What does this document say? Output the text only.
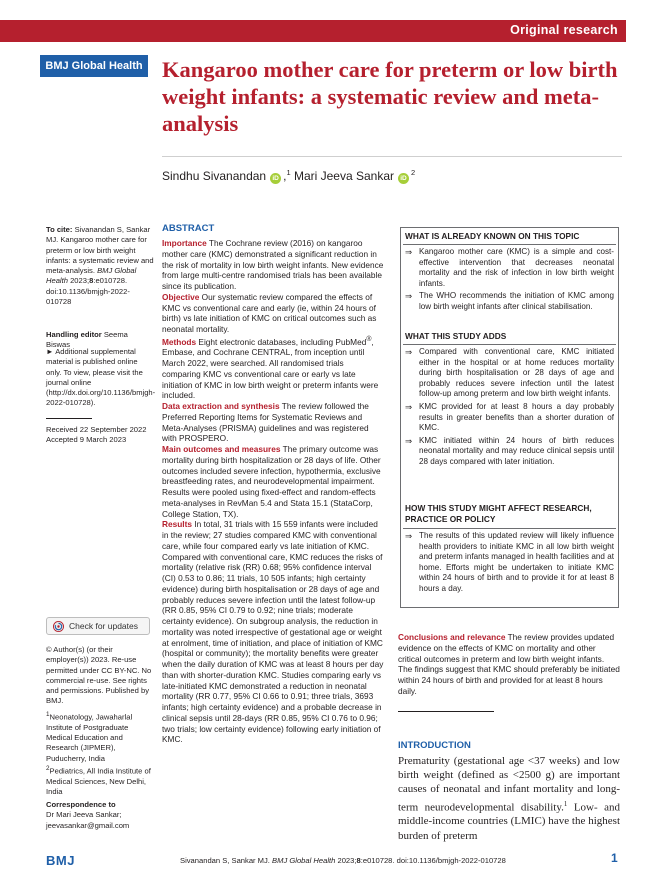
Original research
BMJ Global Health Kangaroo mother care for preterm or low birth weight infants: a systematic review and meta-analysis
Sindhu Sivanandan iD ,$^1$ Mari Jeeva Sankar $iD^2$
To cite: Sivanandan S, Sankar MJ. Kangaroo mother care for preterm or low birth weight infants: a systematic review and meta-analysis. BMJ Global Health 2023;8:e010728. doi:10.1136/bmjgh-2022-010728
Handling editor Seema Biswas
► Additional supplemental material is published online only. To view, please visit the journal online (http://dx.doi.org/10.1136/bmjgh-2022-010728).
Received 22 September 2022
Accepted 9 March 2023
Check for updates
© Author(s) (or their employer(s)) 2023. Re-use permitted under CC BY-NC. No commercial re-use. See rights and permissions. Published by BMJ.
$^1$Neonatology, Jawaharlal Institute of Postgraduate Medical Education and Research (JIPMER), Puducherry, India
$^2$Pediatrics, All India Institute of Medical Sciences, New Delhi, India
Correspondence to
Dr Mari Jeeva Sankar;
jeevasankar@gmail.com
ABSTRACT

Importance The Cochrane review (2016) on kangaroo mother care (KMC) demonstrated a significant reduction in the risk of mortality in low birth weight infants. New evidence from large multi-centre randomised trials has been available since its publication.

Objective Our systematic review compared the effects of KMC vs conventional care and early (ie, within 24 hours of birth) vs late initiation of KMC on critical outcomes such as neonatal mortality.

Methods Eight electronic databases, including PubMed®, Embase, and Cochrane CENTRAL, from inception until March 2022, were searched. All randomised trials comparing KMC vs conventional care or early vs late initiation of KMC in low birth weight or preterm infants were included.

Data extraction and synthesis The review followed the Preferred Reporting Items for Systematic Reviews and Meta-Analyses (PRISMA) guidelines and was registered with PROSPERO.

Main outcomes and measures The primary outcome was mortality during birth hospitalization or 28 days of life. Other outcomes included severe infection, hypothermia, exclusive breastfeeding rates, and neurodevelopmental impairment. Results were pooled using fixed-effect and random-effects meta-analyses in RevMan 5.4 and Stata 15.1 (StataCorp, College Station, TX).

Results In total, 31 trials with 15 559 infants were included in the review; 27 studies compared KMC with conventional care, while four compared early vs late initiation of KMC. Compared with conventional care, KMC reduces the risks of mortality (relative risk (RR) 0.68; 95% confidence interval (CI) 0.53 to 0.86; 11 trials, 10 505 infants; high certainty evidence) during birth hospitalisation or 28 days of age and probably reduces severe infection until the latest follow-up (RR 0.85, 95% CI 0.79 to 0.92; nine trials; moderate certainty evidence). On subgroup analysis, the reduction in mortality was noted irrespective of gestational age or weight at enrolment, time of initiation, and place of initiation of KMC (hospital or community); the mortality benefits were greater when the daily duration of KMC was at least 8 hours per day than with shorter-duration KMC. Studies comparing early vs late-initiated KMC demonstrated a reduction in neonatal mortality (RR 0.77, 95% CI 0.66 to 0.91; three trials, 3693 infants; high certainty evidence) and a probable decrease in clinical sepsis until 28-days (RR 0.85, 95% CI 0.76 to 0.96; two trials; low certainty evidence) following early initiation of KMC.

WHAT IS ALREADY KNOWN ON THIS TOPIC
⇒ Kangaroo mother care (KMC) is a simple and cost-effective intervention that decreases neonatal mortality and the risk of infection in low birth weight infants.
⇒ The WHO recommends the initiation of KMC among low birth weight infants after clinical stabilisation.
WHAT THIS STUDY ADDS
⇒ Compared with conventional care, KMC initiated either in the hospital or at home reduces mortality during birth hospitalisation or 28 days of age and probably reduces severe infection until the latest follow-up among preterm and low birth weight infants.
⇒ KMC provided for at least 8 hours a day probably results in greater benefits than a shorter duration of KMC.
⇒ KMC initiated within 24 hours of birth reduces neonatal mortality and may reduce clinical sepsis until 28 days compared with later initiation.
HOW THIS STUDY MIGHT AFFECT RESEARCH, PRACTICE OR POLICY
⇒ The results of this updated review will likely influence health providers to initiate KMC in all low birth weight and preterm infants managed in health facilities and at home. Efforts might be undertaken to initiate KMC within 24 hours of birth and to provide it for at least 8 hours a day.
Conclusions and relevance The review provides updated evidence on the effects of KMC on mortality and other critical outcomes in preterm and low birth weight infants. The findings suggest that KMC should preferably be initiated within 24 hours of birth and provided for at least 8 hours daily.
INTRODUCTION
Prematurity (gestational age <37 weeks) and low birth weight (defined as <2500 g) are important causes of neonatal and infant mortality and long-term neurodevelopmental disability.$^1$ Low- and middle-income countries (LMIC) have the highest burden of preterm
BMJ	Sivanandan S, Sankar MJ. BMJ Global Health 2023;8:e010728. doi:10.1136/bmjgh-2022-010728	1
